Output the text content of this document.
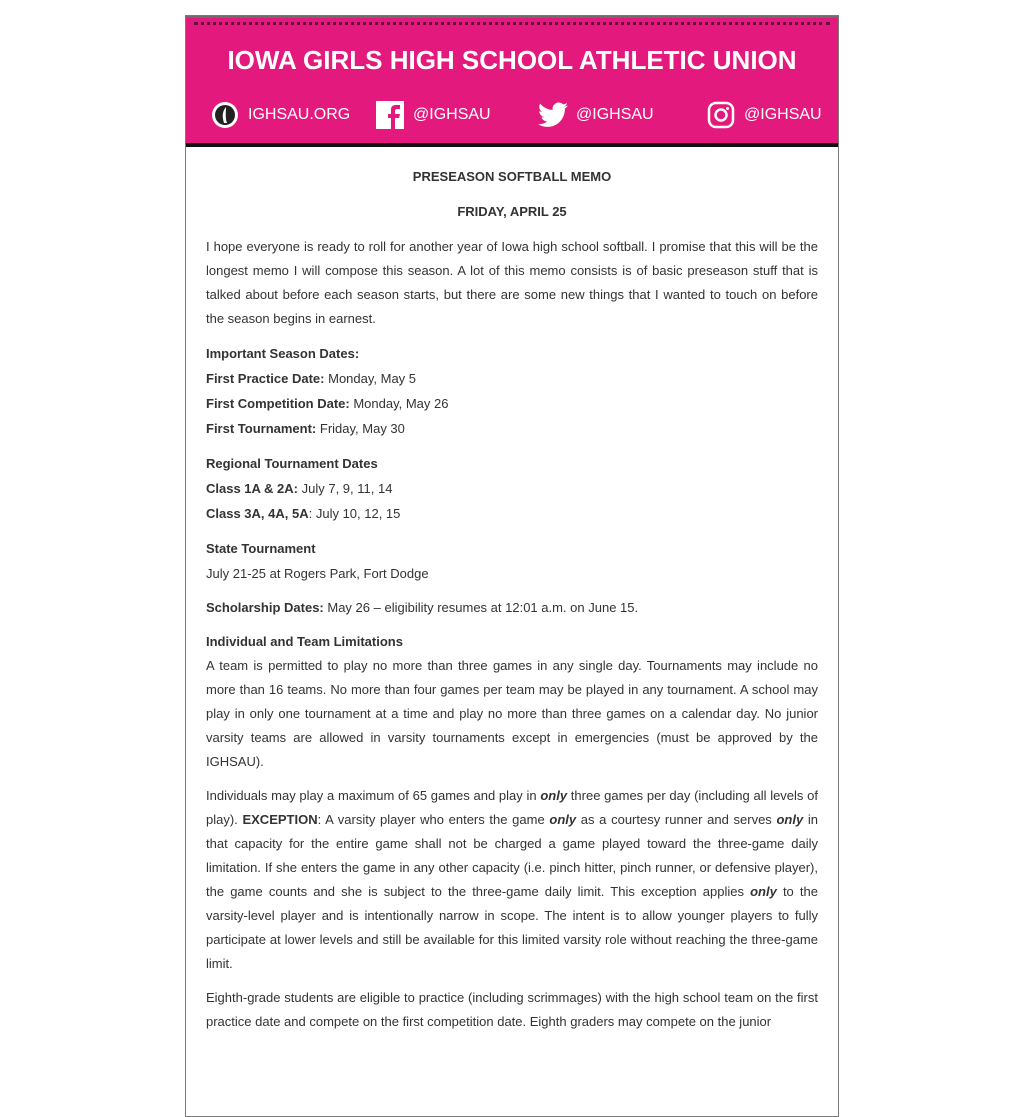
IOWA GIRLS HIGH SCHOOL ATHLETIC UNION
IGHSAU.ORG	@IGHSAU	@IGHSAU	@IGHSAU
PRESEASON SOFTBALL MEMO
FRIDAY, APRIL 25

I hope everyone is ready to roll for another year of Iowa high school softball. I promise that this will be the longest memo I will compose this season. A lot of this memo consists is of basic preseason stuff that is talked about before each season starts, but there are some new things that I wanted to touch on before the season begins in earnest.

Important Season Dates:
First Practice Date: Monday, May 5
First Competition Date: Monday, May 26
First Tournament: Friday, May 30
Regional Tournament Dates
Class 1A & 2A: July 7, 9, 11, 14
Class 3A, 4A, 5A: July 10, 12, 15
State Tournament
July 21-25 at Rogers Park, Fort Dodge

Scholarship Dates: May 26 – eligibility resumes at 12:01 a.m. on June 15.

Individual and Team Limitations
A team is permitted to play no more than three games in any single day. Tournaments may include no more than 16 teams. No more than four games per team may be played in any tournament. A school may play in only one tournament at a time and play no more than three games on a calendar day. No junior varsity teams are allowed in varsity tournaments except in emergencies (must be approved by the IGHSAU).

Individuals may play a maximum of 65 games and play in only three games per day (including all levels of play). EXCEPTION: A varsity player who enters the game only as a courtesy runner and serves only in that capacity for the entire game shall not be charged a game played toward the three-game daily limitation. If she enters the game in any other capacity (i.e. pinch hitter, pinch runner, or defensive player), the game counts and she is subject to the three-game daily limit. This exception applies only to the varsity-level player and is intentionally narrow in scope. The intent is to allow younger players to fully participate at lower levels and still be available for this limited varsity role without reaching the three-game limit.

Eighth-grade students are eligible to practice (including scrimmages) with the high school team on the first practice date and compete on the first competition date. Eighth graders may compete on the junior
